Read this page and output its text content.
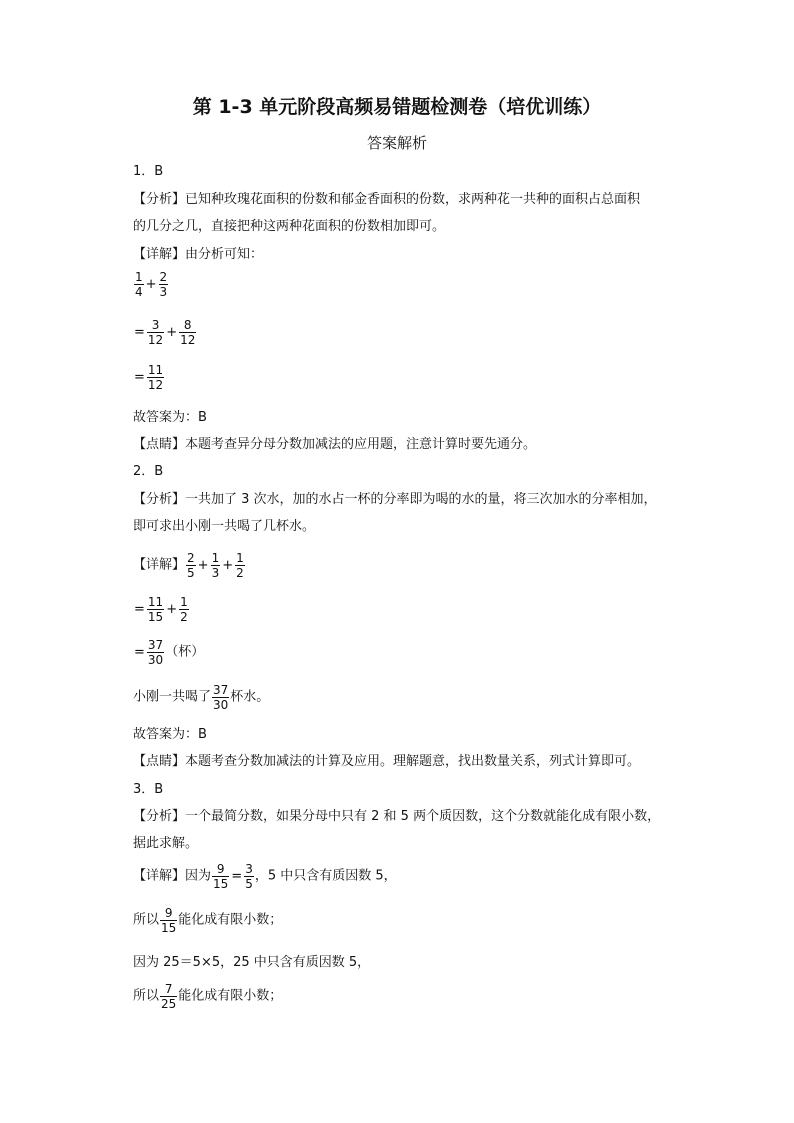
第 1-3 单元阶段高频易错题检测卷（培优训练）
答案解析
1．B
【分析】已知种玫瑰花面积的份数和郁金香面积的份数，求两种花一共种的面积占总面积
的几分之几，直接把种这两种花面积的份数相加即可。
【详解】由分析可知：
$\frac{1}{4} + \frac{2}{3}$
= $\frac{3}{12} + \frac{8}{12}$
= $\frac{11}{12}$
故答案为：B
【点睛】本题考查异分母分数加减法的应用题，注意计算时要先通分。
2．B
【分析】一共加了 3 次水，加的水占一杯的分率即为喝的水的量，将三次加水的分率相加，
即可求出小刚一共喝了几杯水。
【详解】 $\frac{2}{5} + \frac{1}{3} + \frac{1}{2}$
= $\frac{11}{15} + \frac{1}{2}$
= $\frac{37}{30}$ （杯）
小刚一共喝了 $\frac{37}{30}$ 杯水。
故答案为：B
【点睛】本题考查分数加减法的计算及应用。理解题意，找出数量关系，列式计算即可。
3．B
【分析】一个最简分数，如果分母中只有 2 和 5 两个质因数，这个分数就能化成有限小数，
据此求解。
【详解】因为 $\frac{9}{15} = \frac{3}{5}$ ，5 中只含有质因数 5，
所以 $\frac{9}{15}$ 能化成有限小数；
因为 25＝5×5，25 中只含有质因数 5，
所以 $\frac{7}{25}$ 能化成有限小数；
